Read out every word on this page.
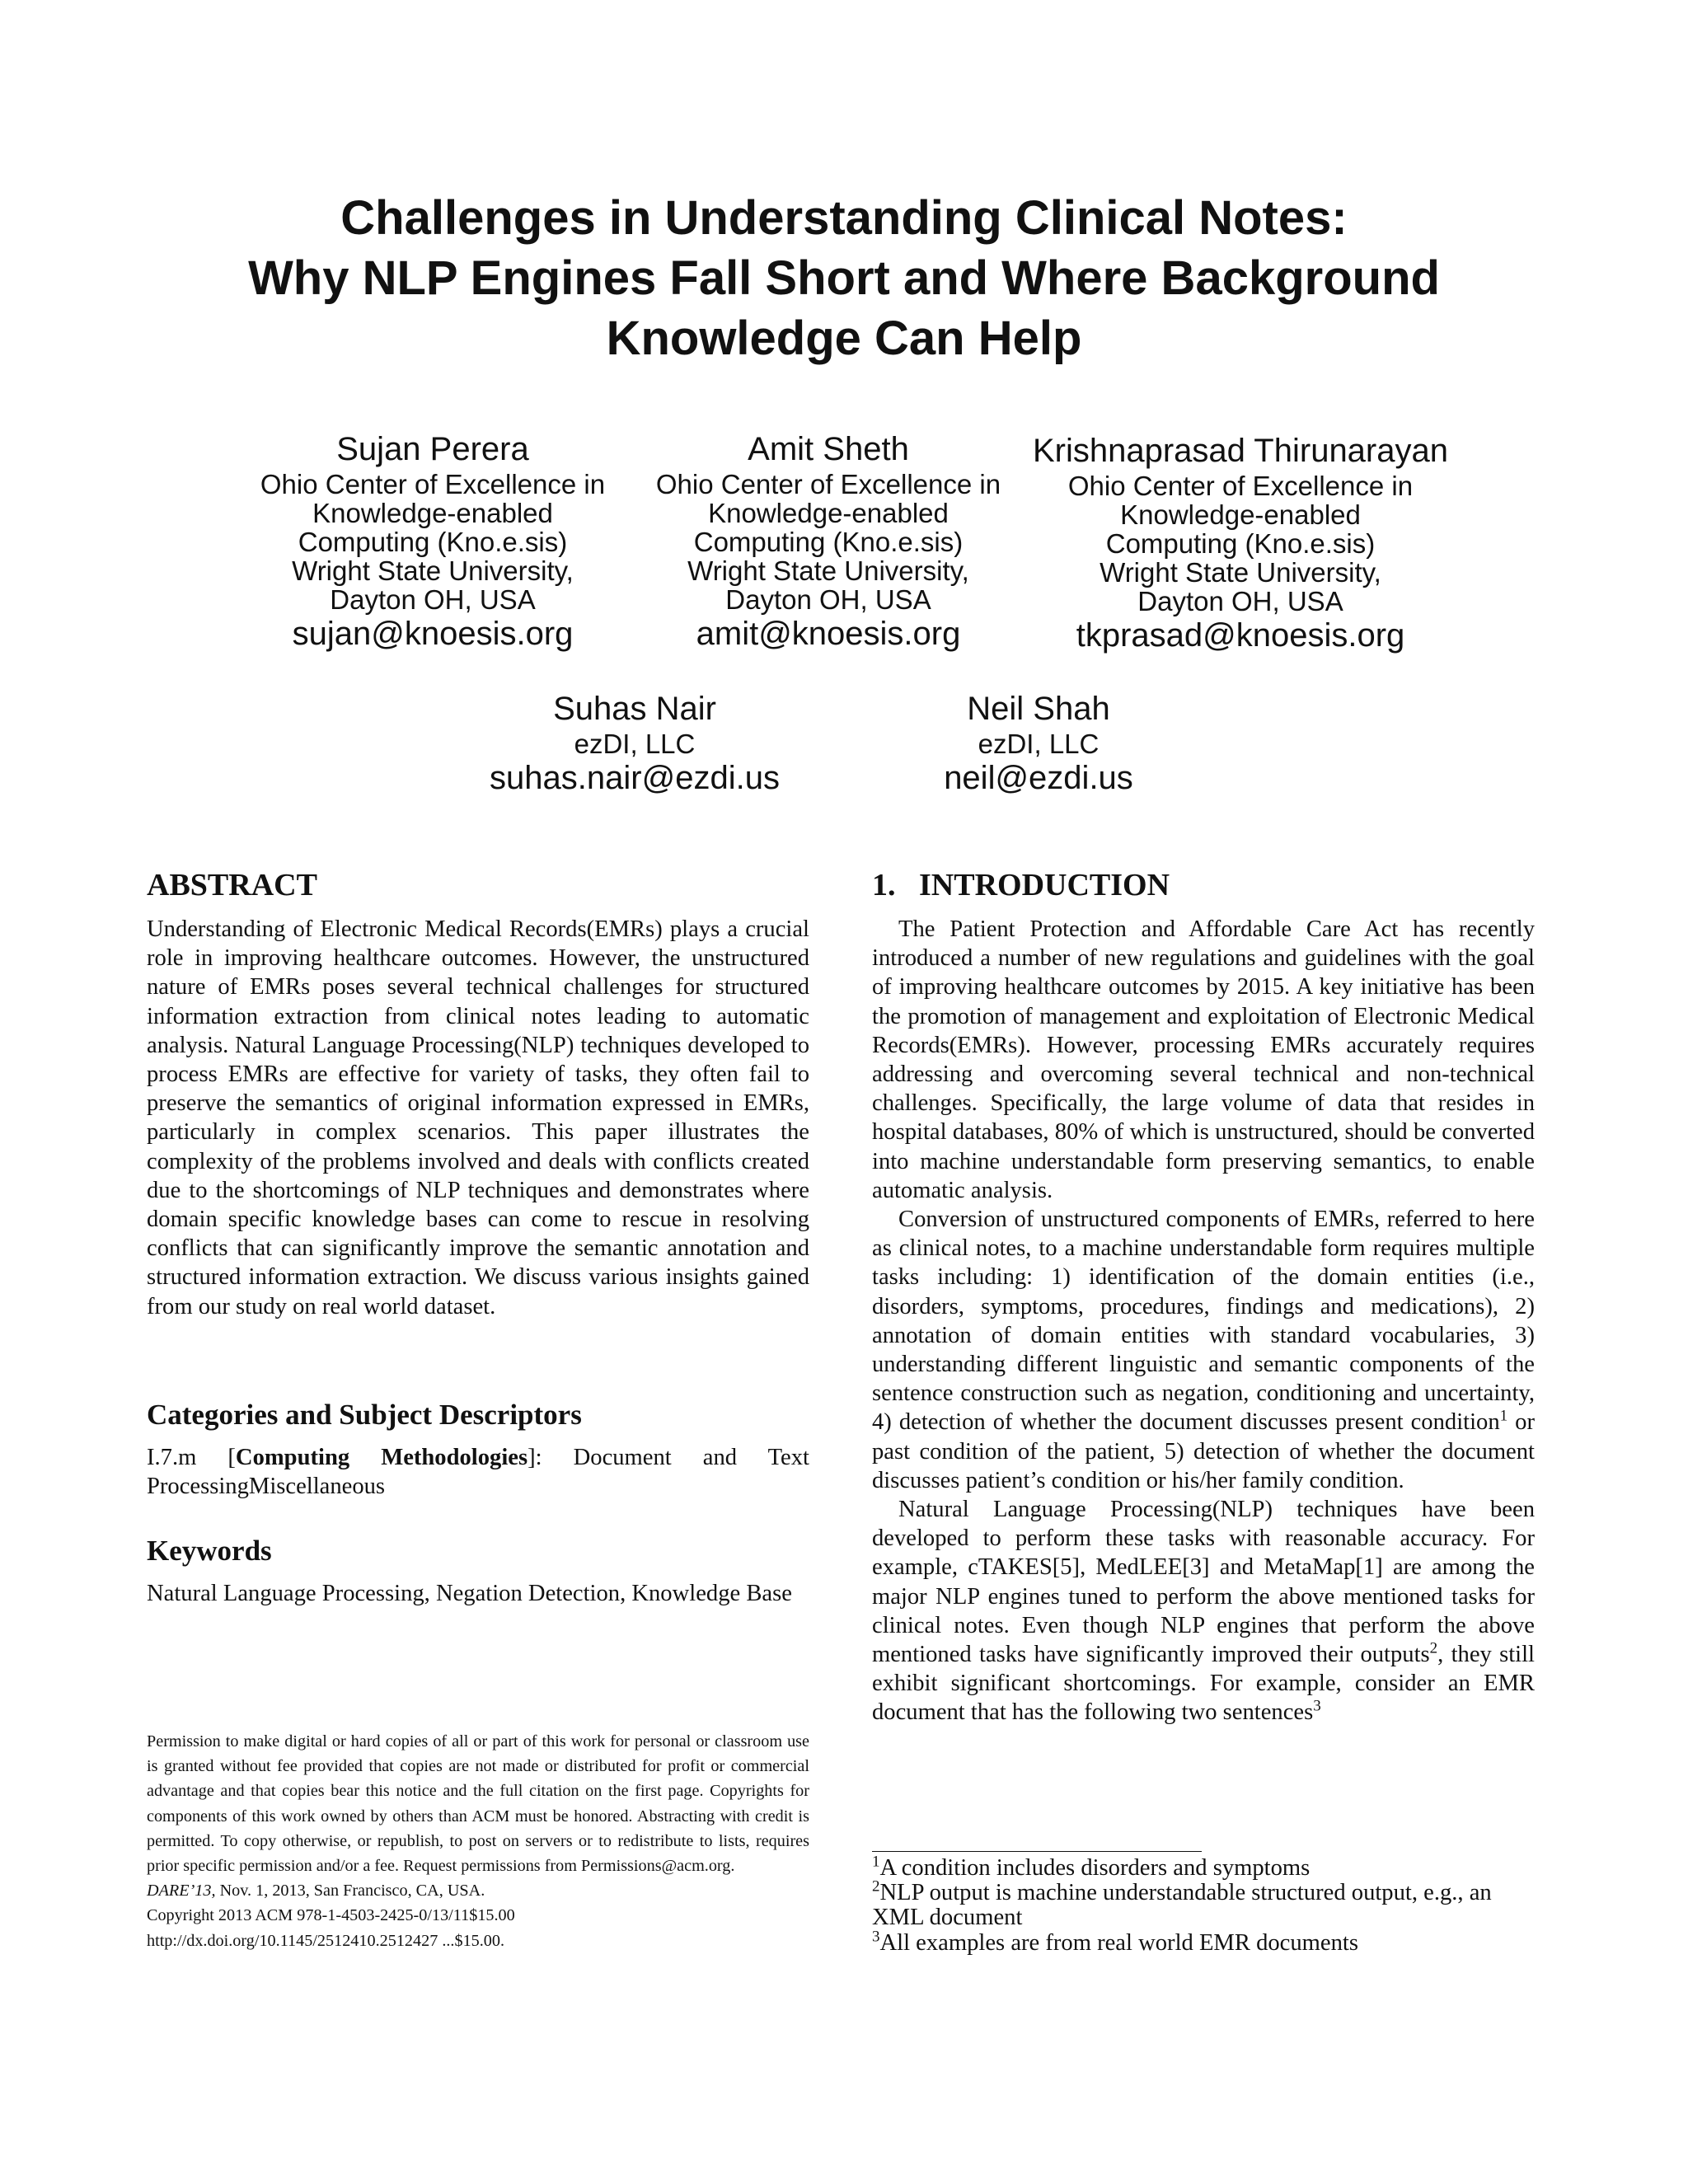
Challenges in Understanding Clinical Notes:
Why NLP Engines Fall Short and Where Background
Knowledge Can Help
Sujan Perera
Ohio Center of Excellence in
Knowledge-enabled
Computing (Kno.e.sis)
Wright State University,
Dayton OH, USA
sujan@knoesis.org
Amit Sheth
Ohio Center of Excellence in
Knowledge-enabled
Computing (Kno.e.sis)
Wright State University,
Dayton OH, USA
amit@knoesis.org
Krishnaprasad Thirunarayan
Ohio Center of Excellence in
Knowledge-enabled
Computing (Kno.e.sis)
Wright State University,
Dayton OH, USA
tkprasad@knoesis.org
Suhas Nair
ezDI, LLC
suhas.nair@ezdi.us
Neil Shah
ezDI, LLC
neil@ezdi.us
ABSTRACT

Understanding of Electronic Medical Records(EMRs) plays a crucial role in improving healthcare outcomes. However, the unstructured nature of EMRs poses several technical challenges for structured information extraction from clinical notes leading to automatic analysis. Natural Language Processing(NLP) techniques developed to process EMRs are effective for variety of tasks, they often fail to preserve the semantics of original information expressed in EMRs, particularly in complex scenarios. This paper illustrates the complexity of the problems involved and deals with conflicts created due to the shortcomings of NLP techniques and demonstrates where domain specific knowledge bases can come to rescue in resolving conflicts that can significantly improve the semantic annotation and structured information extraction. We discuss various insights gained from our study on real world dataset.

Categories and Subject Descriptors

I.7.m [Computing Methodologies]: Document and Text ProcessingMiscellaneous

Keywords

Natural Language Processing, Negation Detection, Knowledge Base

Permission to make digital or hard copies of all or part of this work for personal or classroom use is granted without fee provided that copies are not made or distributed for profit or commercial advantage and that copies bear this notice and the full citation on the first page. Copyrights for components of this work owned by others than ACM must be honored. Abstracting with credit is permitted. To copy otherwise, or republish, to post on servers or to redistribute to lists, requires prior specific permission and/or a fee. Request permissions from Permissions@acm.org.
DARE’13, Nov. 1, 2013, San Francisco, CA, USA.
Copyright 2013 ACM 978-1-4503-2425-0/13/11$15.00
http://dx.doi.org/10.1145/2512410.2512427 ...$15.00.
1.   INTRODUCTION

The Patient Protection and Affordable Care Act has recently introduced a number of new regulations and guidelines with the goal of improving healthcare outcomes by 2015. A key initiative has been the promotion of management and exploitation of Electronic Medical Records(EMRs). However, processing EMRs accurately requires addressing and overcoming several technical and non-technical challenges. Specifically, the large volume of data that resides in hospital databases, 80% of which is unstructured, should be converted into machine understandable form preserving semantics, to enable automatic analysis.

Conversion of unstructured components of EMRs, referred to here as clinical notes, to a machine understandable form requires multiple tasks including: 1) identification of the domain entities (i.e., disorders, symptoms, procedures, findings and medications), 2) annotation of domain entities with standard vocabularies, 3) understanding different linguistic and semantic components of the sentence construction such as negation, conditioning and uncertainty, 4) detection of whether the document discusses present condition$^1$ or past condition of the patient, 5) detection of whether the document discusses patient’s condition or his/her family condition.

Natural Language Processing(NLP) techniques have been developed to perform these tasks with reasonable accuracy. For example, cTAKES[5], MedLEE[3] and MetaMap[1] are among the major NLP engines tuned to perform the above mentioned tasks for clinical notes. Even though NLP engines that perform the above mentioned tasks have significantly improved their outputs$^2$, they still exhibit significant shortcomings. For example, consider an EMR document that has the following two sentences$^3$

$^1$A condition includes disorders and symptoms

$^2$NLP output is machine understandable structured output, e.g., an XML document

$^3$All examples are from real world EMR documents
